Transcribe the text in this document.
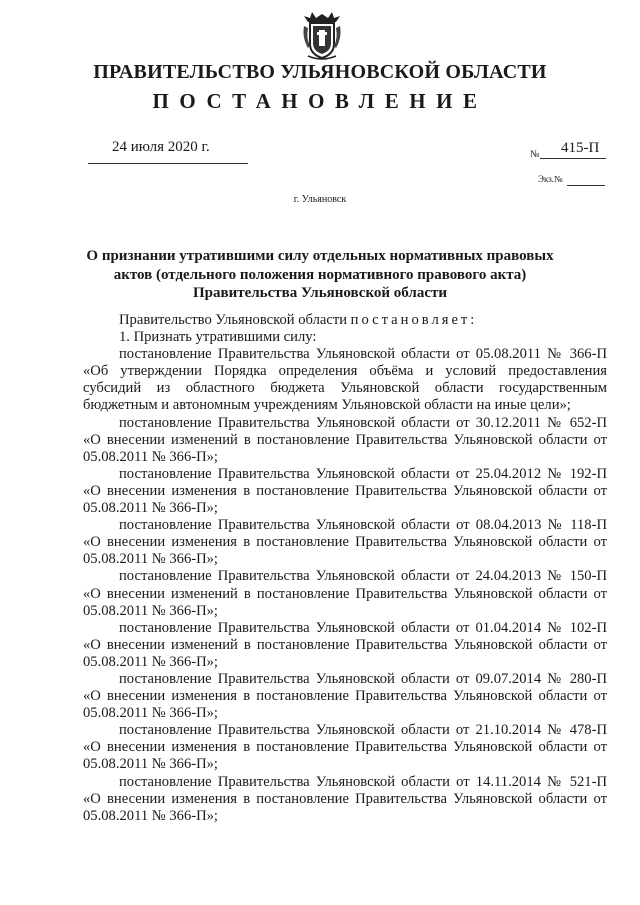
ПРАВИТЕЛЬСТВО УЛЬЯНОВСКОЙ ОБЛАСТИ
ПОСТАНОВЛЕНИЕ
24 июля 2020 г.	№ 415-П
Экз.№
г. Ульяновск
О признании утратившими силу отдельных нормативных правовых актов (отдельного положения нормативного правового акта) Правительства Ульяновской области

Правительство Ульяновской области постановляет:

1. Признать утратившими силу:

постановление Правительства Ульяновской области от 05.08.2011 № 366-П «Об утверждении Порядка определения объёма и условий предоставления субсидий из областного бюджета Ульяновской области государственным бюджетным и автономным учреждениям Ульяновской области на иные цели»;

постановление Правительства Ульяновской области от 30.12.2011 № 652-П «О внесении изменений в постановление Правительства Ульяновской области от 05.08.2011 № 366-П»;

постановление Правительства Ульяновской области от 25.04.2012 № 192-П «О внесении изменения в постановление Правительства Ульяновской области от 05.08.2011 № 366-П»;

постановление Правительства Ульяновской области от 08.04.2013 № 118-П «О внесении изменения в постановление Правительства Ульяновской области от 05.08.2011 № 366-П»;

постановление Правительства Ульяновской области от 24.04.2013 № 150-П «О внесении изменений в постановление Правительства Ульяновской области от 05.08.2011 № 366-П»;

постановление Правительства Ульяновской области от 01.04.2014 № 102-П «О внесении изменений в постановление Правительства Ульяновской области от 05.08.2011 № 366-П»;

постановление Правительства Ульяновской области от 09.07.2014 № 280-П «О внесении изменения в постановление Правительства Ульяновской области от 05.08.2011 № 366-П»;

постановление Правительства Ульяновской области от 21.10.2014 № 478-П «О внесении изменения в постановление Правительства Ульяновской области от 05.08.2011 № 366-П»;

постановление Правительства Ульяновской области от 14.11.2014 № 521-П «О внесении изменения в постановление Правительства Ульяновской области от 05.08.2011 № 366-П»;
